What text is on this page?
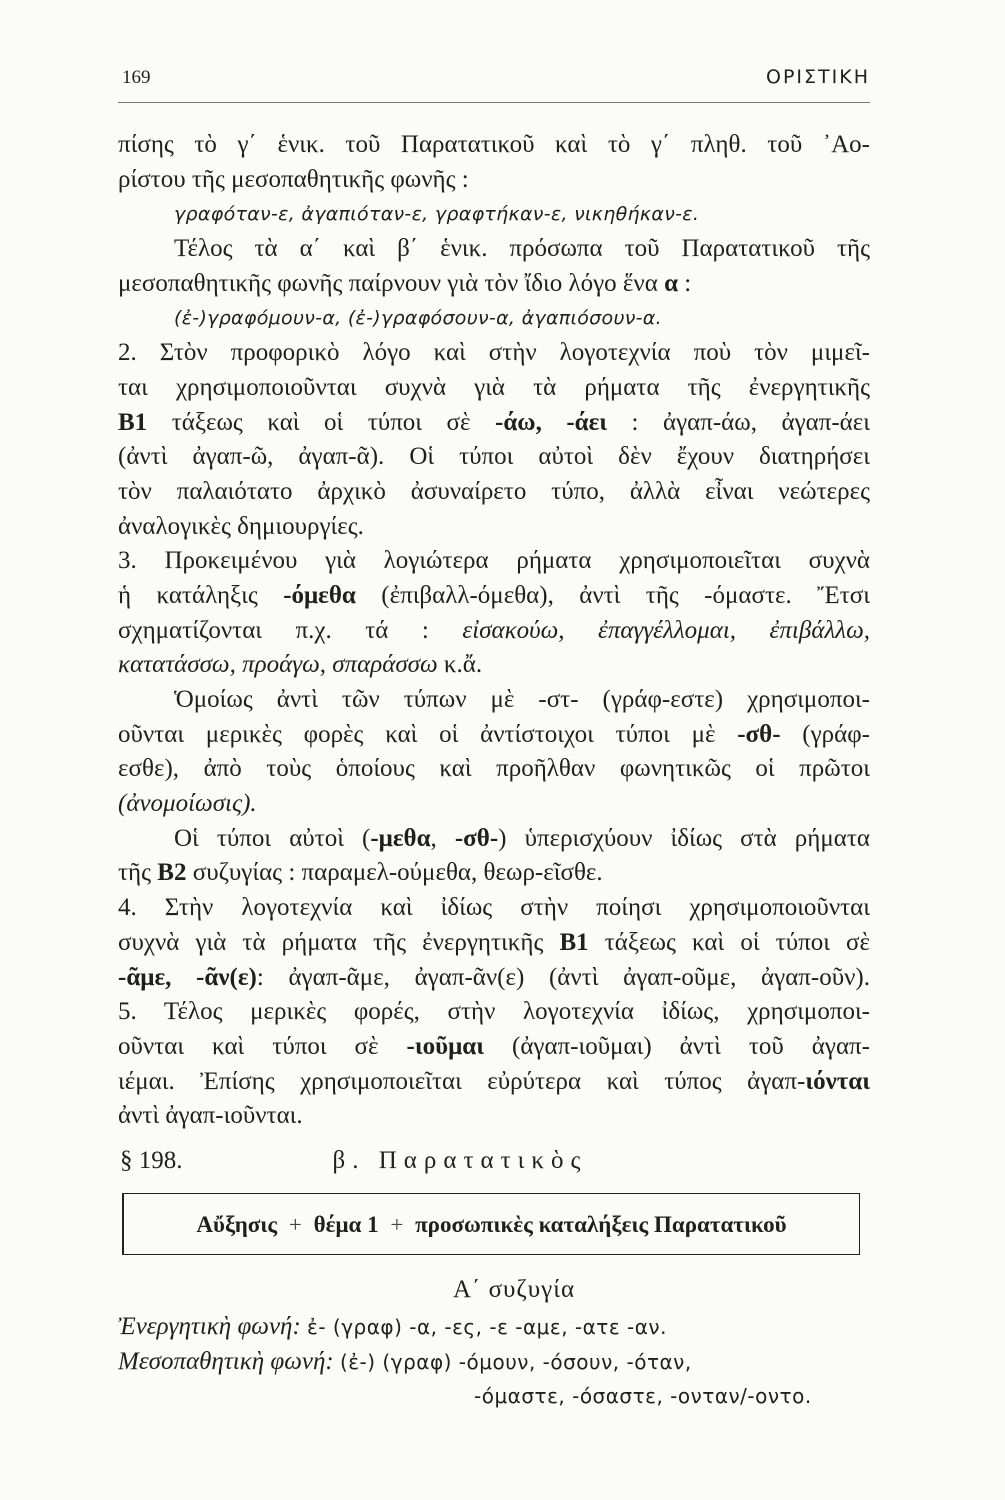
169	ΟΡΙΣΤΙΚΗ
πίσης τὸ γ΄ ἑνικ. τοῦ Παρατατικοῦ καὶ τὸ γ΄ πληθ. τοῦ ᾽Αο-
ρίστου τῆς μεσοπαθητικῆς φωνῆς :
γραφόταν-ε, ἀγαπιόταν-ε, γραφτήκαν-ε, νικηθήκαν-ε.
Τέλος τὰ α΄ καὶ β΄ ἑνικ. πρόσωπα τοῦ Παρατατικοῦ τῆς
μεσοπαθητικῆς φωνῆς παίρνουν γιὰ τὸν ἴδιο λόγο ἕνα α :
(ἐ-)γραφόμουν-α, (ἐ-)γραφόσουν-α, ἀγαπιόσουν-α.
2. Στὸν προφορικὸ λόγο καὶ στὴν λογοτεχνία ποὺ τὸν μιμεῖ-
ται χρησιμοποιοῦνται συχνὰ γιὰ τὰ ρήματα τῆς ἐνεργητικῆς
Β1 τάξεως καὶ οἱ τύποι σὲ -άω, -άει : ἀγαπ-άω, ἀγαπ-άει
(ἀντὶ ἀγαπ-ῶ, ἀγαπ-ᾶ). Οἱ τύποι αὐτοὶ δὲν ἔχουν διατηρήσει
τὸν παλαιότατο ἀρχικὸ ἀσυναίρετο τύπο, ἀλλὰ εἶναι νεώτερες
ἀναλογικὲς δημιουργίες.
3. Προκειμένου γιὰ λογιώτερα ρήματα χρησιμοποιεῖται συχνὰ
ἡ κατάληξις -όμεθα (ἐπιβαλλ-όμεθα), ἀντὶ τῆς -όμαστε. Ἔτσι
σχηματίζονται π.χ. τά : εἰσακούω, ἐπαγγέλλομαι, ἐπιβάλλω,
κατατάσσω, προάγω, σπαράσσω κ.ἄ.
Ὁμοίως ἀντὶ τῶν τύπων μὲ -στ- (γράφ-εστε) χρησιμοποι-
οῦνται μερικὲς φορὲς καὶ οἱ ἀντίστοιχοι τύποι μὲ -σθ- (γράφ-
εσθε), ἀπὸ τοὺς ὁποίους καὶ προῆλθαν φωνητικῶς οἱ πρῶτοι
(ἀνομοίωσις).
Οἱ τύποι αὐτοὶ (-μεθα, -σθ-) ὑπερισχύουν ἰδίως στὰ ρήματα
τῆς Β2 συζυγίας : παραμελ-ούμεθα, θεωρ-εῖσθε.
4. Στὴν λογοτεχνία καὶ ἰδίως στὴν ποίησι χρησιμοποιοῦνται
συχνὰ γιὰ τὰ ρήματα τῆς ἐνεργητικῆς Β1 τάξεως καὶ οἱ τύποι σὲ
-ᾶμε, -ᾶν(ε): ἀγαπ-ᾶμε, ἀγαπ-ᾶν(ε) (ἀντὶ ἀγαπ-οῦμε, ἀγαπ-οῦν).
5. Τέλος μερικὲς φορές, στὴν λογοτεχνία ἰδίως, χρησιμοποι-
οῦνται καὶ τύποι σὲ -ιοῦμαι (ἀγαπ-ιοῦμαι) ἀντὶ τοῦ ἀγαπ-
ιέμαι. Ἐπίσης χρησιμοποιεῖται εὐρύτερα καὶ τύπος ἀγαπ-ιόνται
ἀντὶ ἀγαπ-ιοῦνται.
§ 198.	β. Παρατατικὸς
Αὔξησις + θέμα 1 + προσωπικὲς καταλήξεις Παρατατικοῦ
Α΄ συζυγία
Ἐνεργητικὴ φωνή: ἐ- (γραφ) -α, -ες, -ε -αμε, -ατε -αν.
Μεσοπαθητικὴ φωνή: (ἐ-) (γραφ) -όμουν, -όσουν, -όταν,
-όμαστε, -όσαστε, -ονταν/-οντο.
